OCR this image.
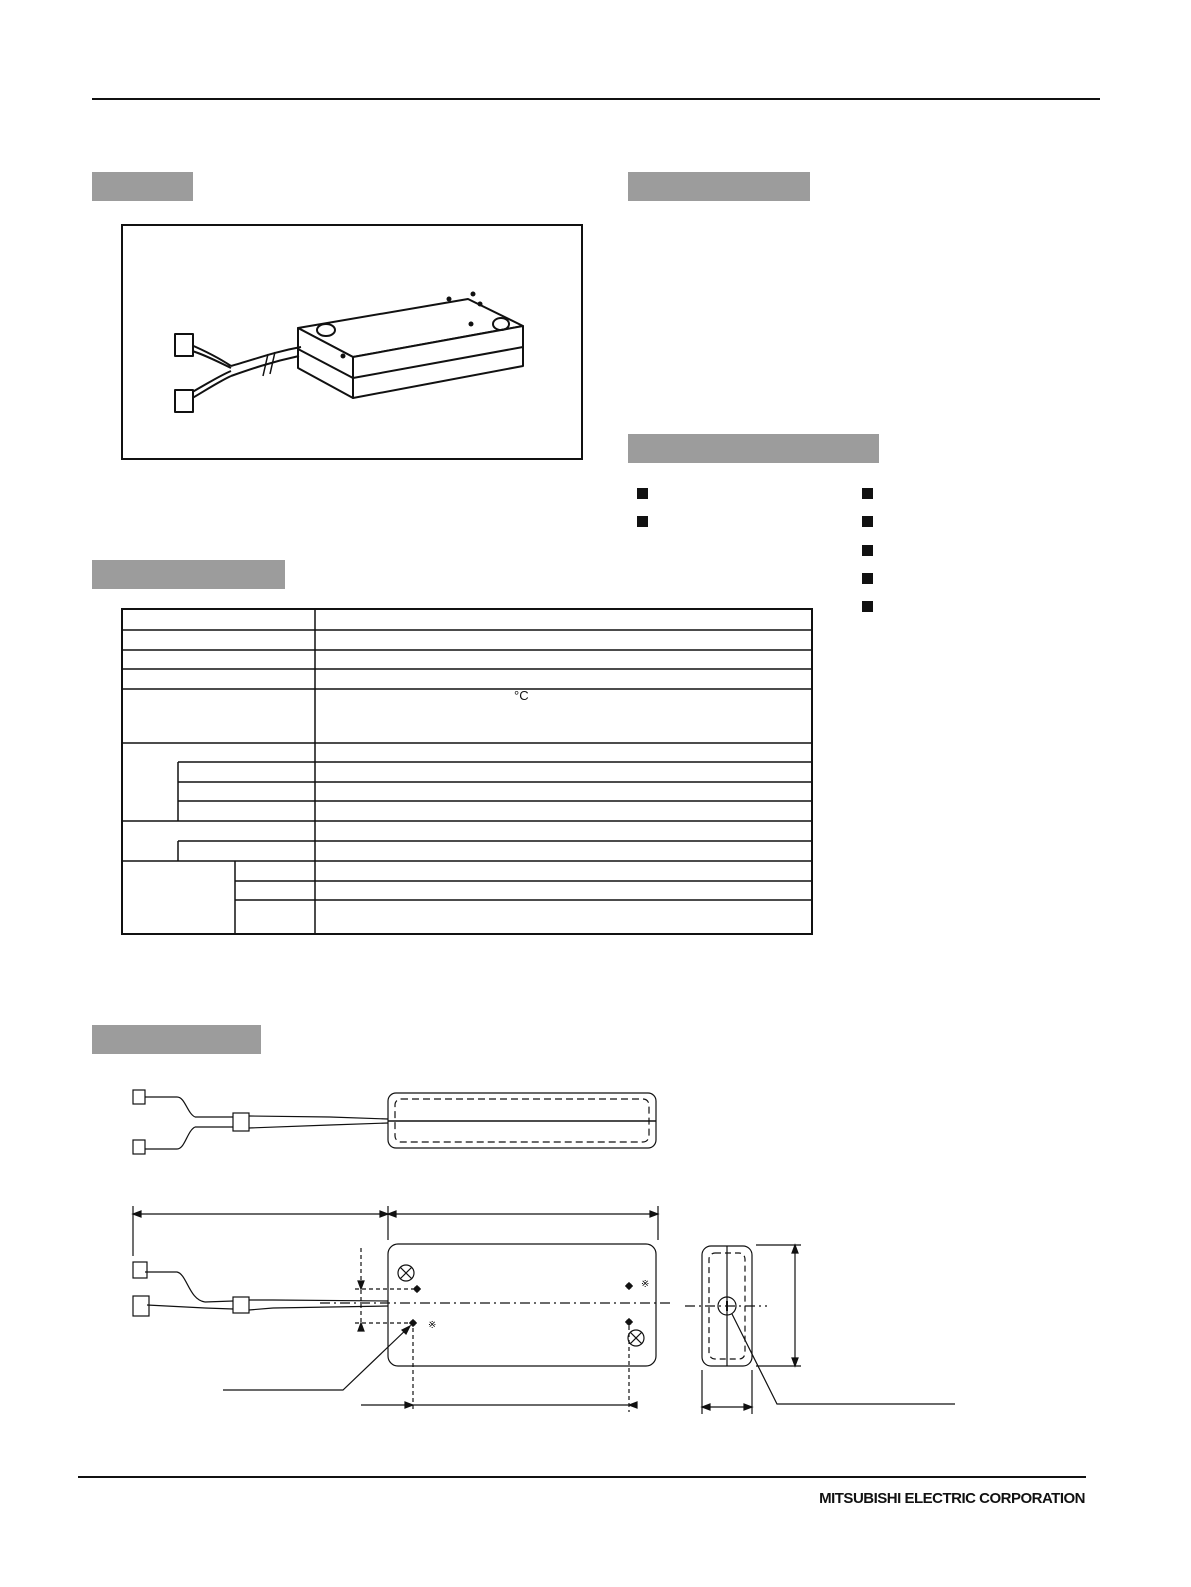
°C
※
※
MITSUBISHI ELECTRIC CORPORATION
